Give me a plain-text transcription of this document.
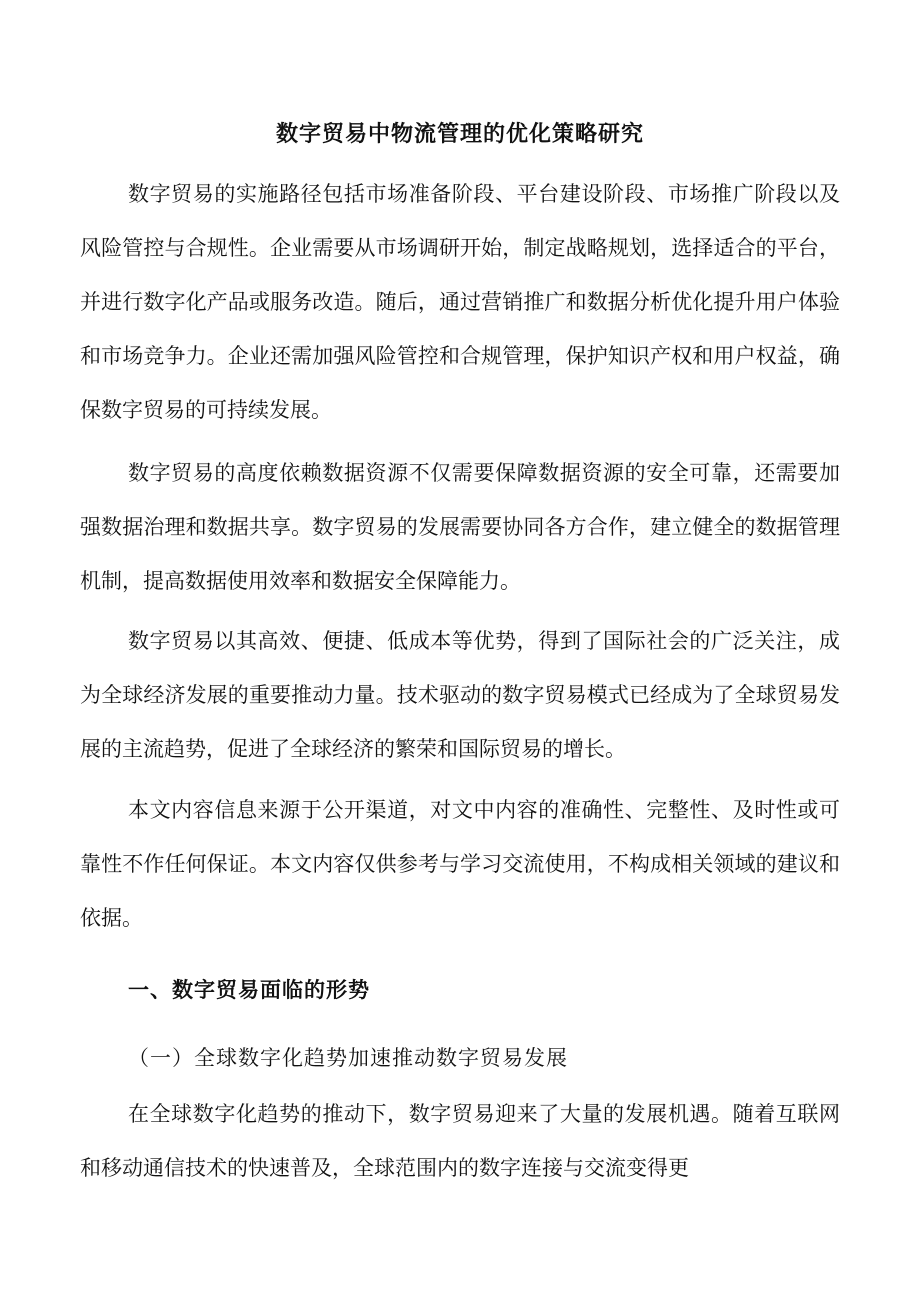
数字贸易中物流管理的优化策略研究

数字贸易的实施路径包括市场准备阶段、平台建设阶段、市场推广阶段以及风险管控与合规性。企业需要从市场调研开始，制定战略规划，选择适合的平台，并进行数字化产品或服务改造。随后，通过营销推广和数据分析优化提升用户体验和市场竞争力。企业还需加强风险管控和合规管理，保护知识产权和用户权益，确保数字贸易的可持续发展。

数字贸易的高度依赖数据资源不仅需要保障数据资源的安全可靠，还需要加强数据治理和数据共享。数字贸易的发展需要协同各方合作，建立健全的数据管理机制，提高数据使用效率和数据安全保障能力。

数字贸易以其高效、便捷、低成本等优势，得到了国际社会的广泛关注，成为全球经济发展的重要推动力量。技术驱动的数字贸易模式已经成为了全球贸易发展的主流趋势，促进了全球经济的繁荣和国际贸易的增长。

本文内容信息来源于公开渠道，对文中内容的准确性、完整性、及时性或可靠性不作任何保证。本文内容仅供参考与学习交流使用，不构成相关领域的建议和依据。

一、数字贸易面临的形势
（一）全球数字化趋势加速推动数字贸易发展

在全球数字化趋势的推动下，数字贸易迎来了大量的发展机遇。随着互联网和移动通信技术的快速普及，全球范围内的数字连接与交流变得更
